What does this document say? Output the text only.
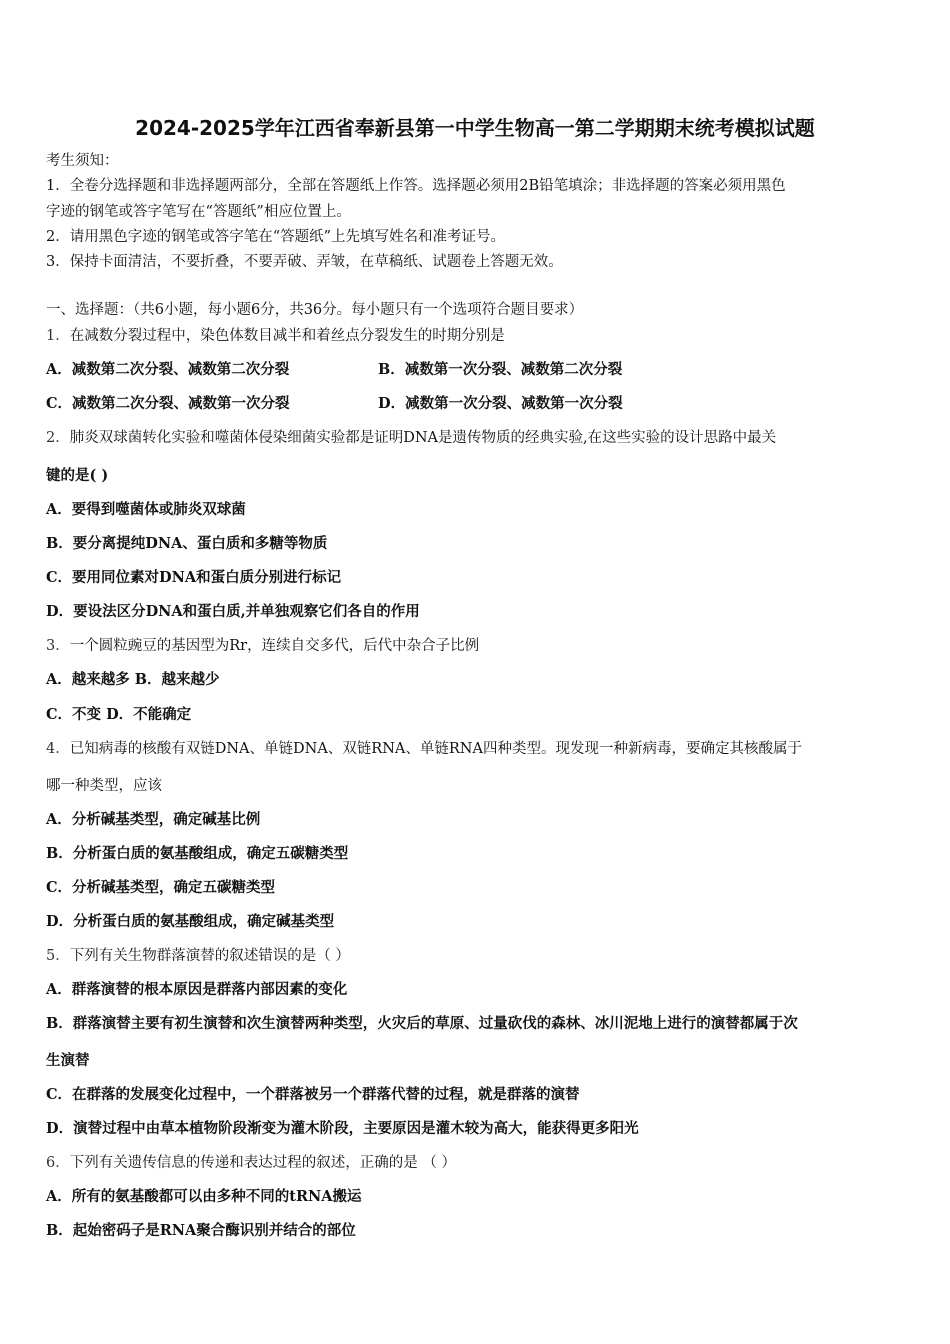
2024-2025学年江西省奉新县第一中学生物高一第二学期期末统考模拟试题
考生须知：
1．全卷分选择题和非选择题两部分，全部在答题纸上作答。选择题必须用2B铅笔填涂；非选择题的答案必须用黑色
字迹的钢笔或答字笔写在“答题纸”相应位置上。
2．请用黑色字迹的钢笔或答字笔在“答题纸”上先填写姓名和准考证号。
3．保持卡面清洁，不要折叠，不要弄破、弄皱，在草稿纸、试题卷上答题无效。
一、选择题：（共6小题，每小题6分，共36分。每小题只有一个选项符合题目要求）
1．在减数分裂过程中，染色体数目减半和着丝点分裂发生的时期分别是
A．减数第二次分裂、减数第二次分裂	B．减数第一次分裂、减数第二次分裂
C．减数第二次分裂、减数第一次分裂	D．减数第一次分裂、减数第一次分裂
2．肺炎双球菌转化实验和噬菌体侵染细菌实验都是证明DNA是遗传物质的经典实验,在这些实验的设计思路中最关
键的是( )
A．要得到噬菌体或肺炎双球菌
B．要分离提纯DNA、蛋白质和多糖等物质
C．要用同位素对DNA和蛋白质分别进行标记
D．要设法区分DNA和蛋白质,并单独观察它们各自的作用
3．一个圆粒豌豆的基因型为Rr，连续自交多代，后代中杂合子比例
A．越来越多 B．越来越少
C．不变 D．不能确定
4．已知病毒的核酸有双链DNA、单链DNA、双链RNA、单链RNA四种类型。现发现一种新病毒，要确定其核酸属于
哪一种类型，应该
A．分析碱基类型，确定碱基比例
B．分析蛋白质的氨基酸组成，确定五碳糖类型
C．分析碱基类型，确定五碳糖类型
D．分析蛋白质的氨基酸组成，确定碱基类型
5．下列有关生物群落演替的叙述错误的是（ ）
A．群落演替的根本原因是群落内部因素的变化
B．群落演替主要有初生演替和次生演替两种类型，火灾后的草原、过量砍伐的森林、冰川泥地上进行的演替都属于次
生演替
C．在群落的发展变化过程中，一个群落被另一个群落代替的过程，就是群落的演替
D．演替过程中由草本植物阶段渐变为灌木阶段，主要原因是灌木较为高大，能获得更多阳光
6．下列有关遗传信息的传递和表达过程的叙述，正确的是 （ ）
A．所有的氨基酸都可以由多种不同的tRNA搬运
B．起始密码子是RNA聚合酶识别并结合的部位
